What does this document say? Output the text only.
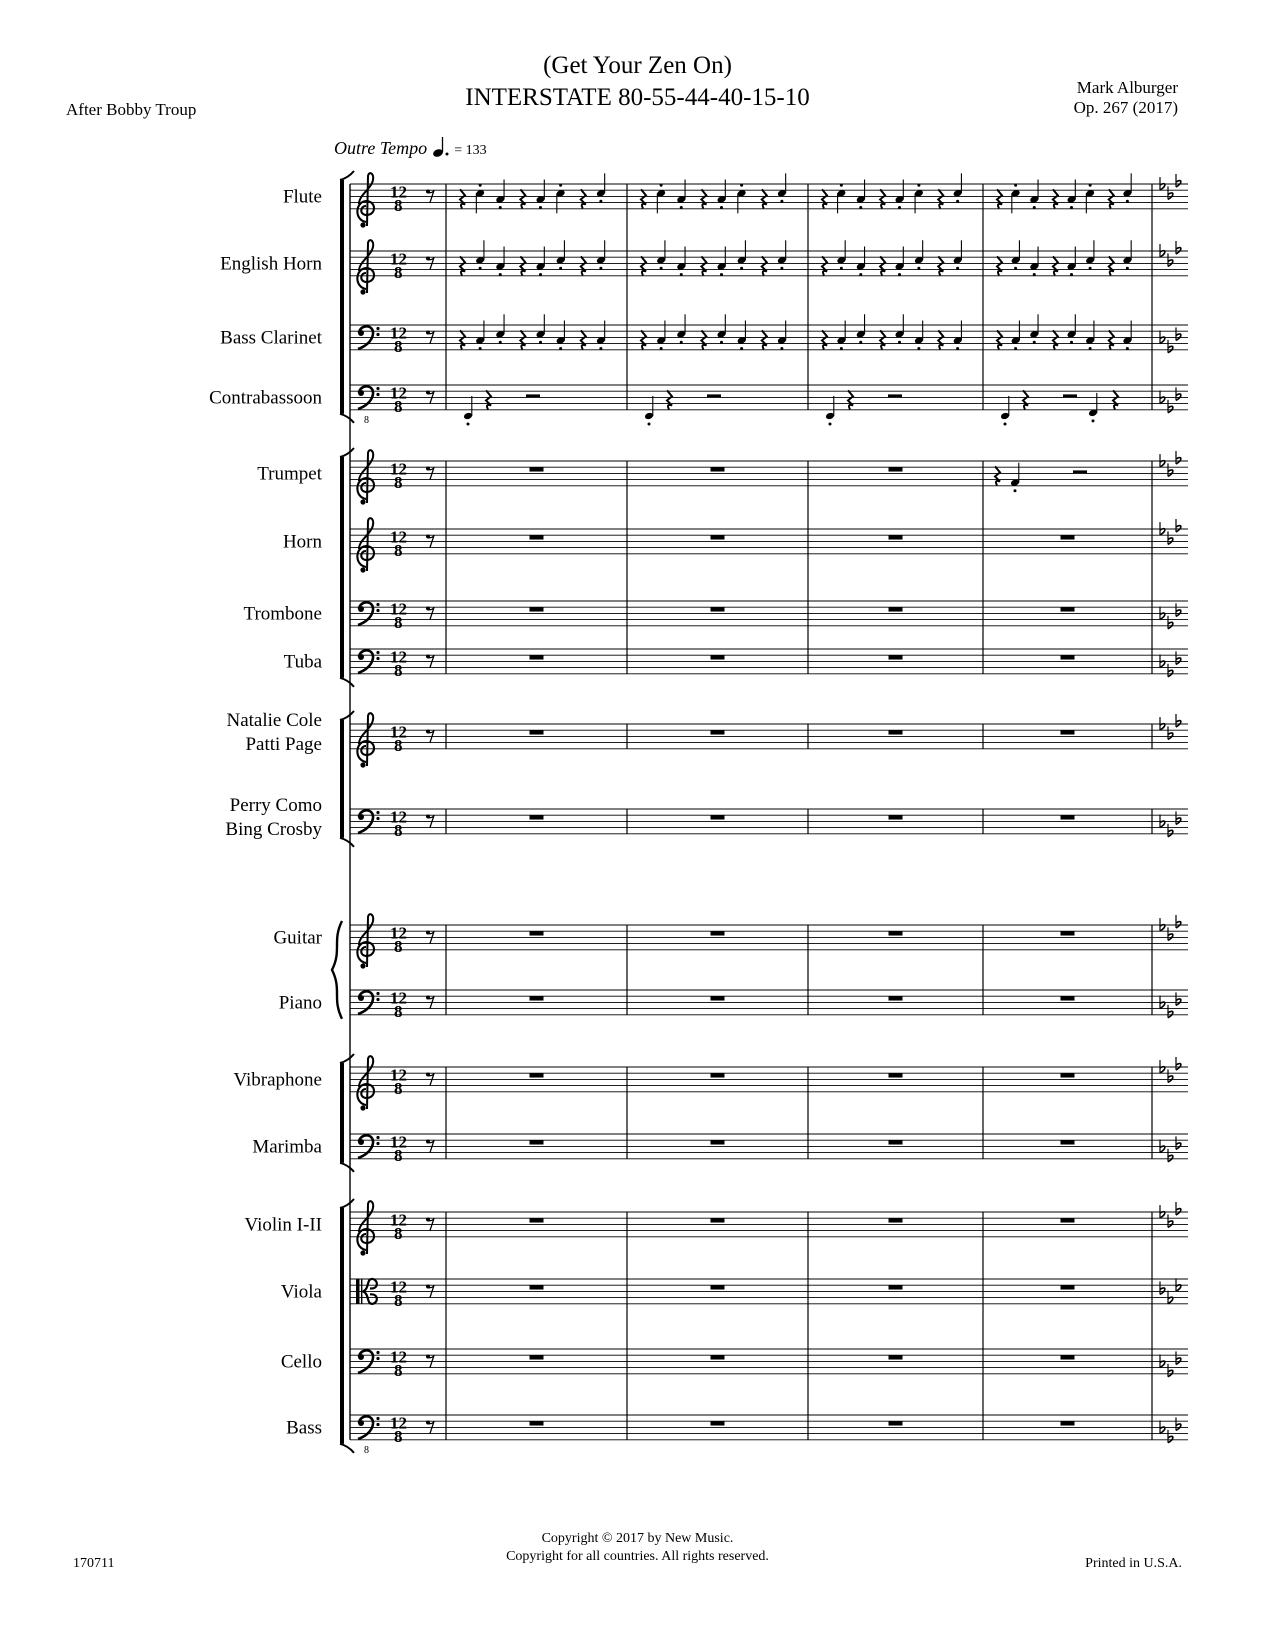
(Get Your Zen On)
INTERSTATE 80-55-44-40-15-10
After Bobby Troup
Mark Alburger
Op. 267 (2017)
Outre Tempo = 133
12
8
Flute
12
8
English Horn
12
8
Bass Clarinet
8
12
8
Contrabassoon
12
8
Trumpet
12
8
Horn
12
8
Trombone
12
8
Tuba
12
8
Natalie Cole
Patti Page
12
8
Perry Como
Bing Crosby
12
8
Guitar
12
8
Piano
12
8
Vibraphone
12
8
Marimba
12
8
Violin I-II
12
8
Viola
12
8
Cello
8
12
8
Bass
170711
Copyright © 2017 by New Music.
Copyright for all countries. All rights reserved.	Printed in U.S.A.
